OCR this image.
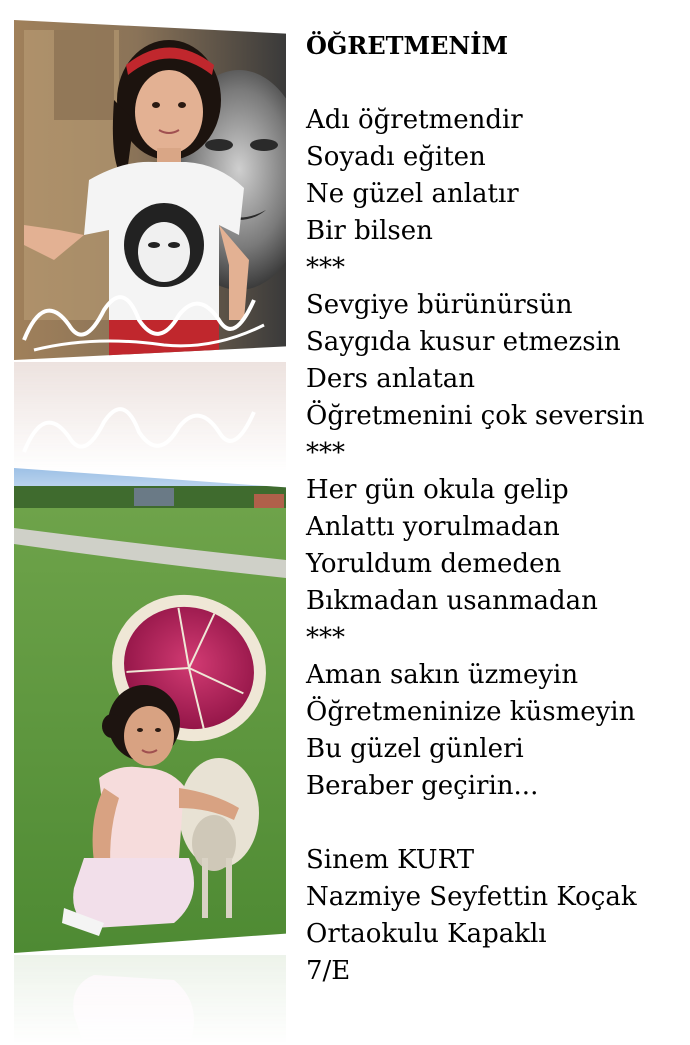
ÖĞRETMENİM
Adı öğretmendir
Soyadı eğiten
Ne güzel anlatır
Bir bilsen
***
Sevgiye bürünürsün
Saygıda kusur etmezsin
Ders anlatan
Öğretmenini çok seversin
***
Her gün okula gelip
Anlattı yorulmadan
Yoruldum demeden
Bıkmadan usanmadan
***
Aman sakın üzmeyin
Öğretmeninize küsmeyin
Bu güzel günleri
Beraber geçirin...
Sinem KURT
Nazmiye Seyfettin Koçak
Ortaokulu Kapaklı
7/E
